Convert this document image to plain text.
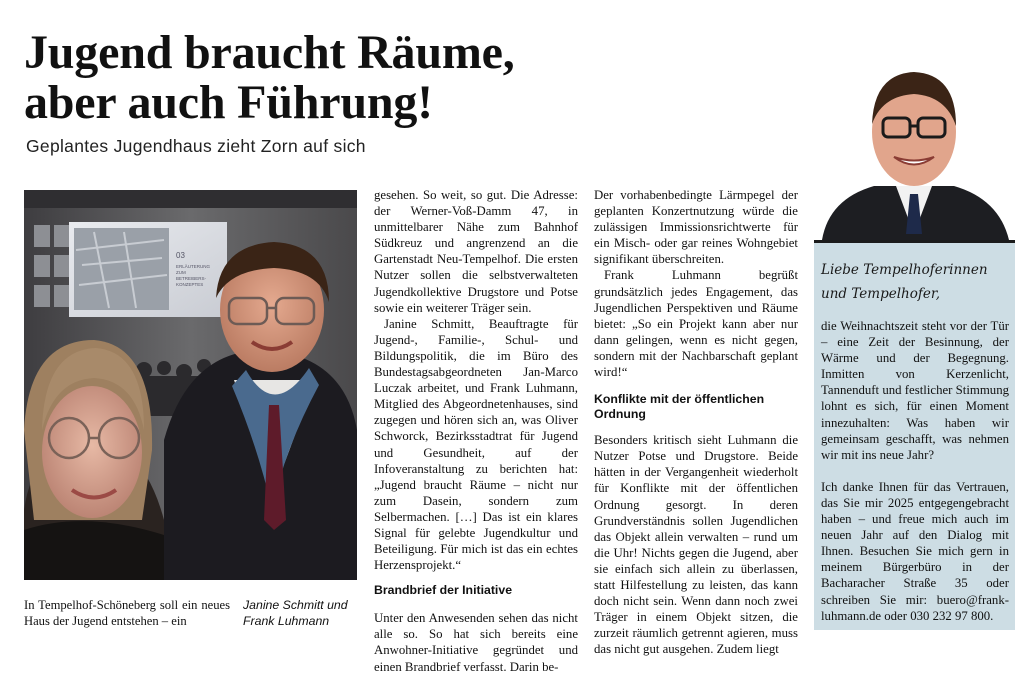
Jugend braucht Räume,
aber auch Führung!
Geplantes Jugendhaus zieht Zorn auf sich
03
ERLÄUTERUNG
ZUM
BETREIBERS-
KONZEPTES
In Tempelhof-Schöneberg soll ein neues Haus der Jugend entstehen – ein
Janine Schmitt und Frank Luhmann

gesehen. So weit, so gut. Die Adresse: der Werner-Voß-Damm 47, in unmittelbarer Nähe zum Bahnhof Südkreuz und angrenzend an die Gartenstadt Neu-Tempelhof. Die ersten Nutzer sollen die selbstverwalteten Jugendkollektive Drugstore und Potse sowie ein weiterer Träger sein.

Janine Schmitt, Beauftragte für Jugend-, Familie-, Schul- und Bildungspolitik, die im Büro des Bundestagsabgeordneten Jan-Marco Luczak arbeitet, und Frank Luhmann, Mitglied des Abgeordnetenhauses, sind zugegen und hören sich an, was Oliver Schworck, Bezirksstadtrat für Jugend und Gesundheit, auf der Infoveranstaltung zu berichten hat: „Jugend braucht Räume – nicht nur zum Dasein, sondern zum Selbermachen. […] Das ist ein klares Signal für gelebte Jugendkultur und Beteiligung. Für mich ist das ein echtes Herzensprojekt.“

Brandbrief der Initiative

Unter den Anwesenden sehen das nicht alle so. So hat sich bereits eine Anwohner-Initiative gegründet und einen Brandbrief verfasst. Darin be-

Der vorhabenbedingte Lärmpegel der geplanten Konzertnutzung würde die zulässigen Immissionsrichtwerte für ein Misch- oder gar reines Wohngebiet signifikant überschreiten.

Frank Luhmann begrüßt grundsätzlich jedes Engagement, das Jugendlichen Perspektiven und Räume bietet: „So ein Projekt kann aber nur dann gelingen, wenn es nicht gegen, sondern mit der Nachbarschaft geplant wird!“

Konflikte mit der öffentlichen Ordnung

Besonders kritisch sieht Luhmann die Nutzer Potse und Drugstore. Beide hätten in der Vergangenheit wiederholt für Konflikte mit der öffentlichen Ordnung gesorgt. In deren Grundverständnis sollen Jugendlichen das Objekt allein verwalten – rund um die Uhr! Nichts gegen die Jugend, aber sie einfach sich allein zu überlassen, statt Hilfestellung zu leisten, das kann doch nicht sein. Wenn dann noch zwei Träger in einem Objekt sitzen, die zurzeit räumlich getrennt agieren, muss das nicht gut ausgehen. Zudem liegt

Liebe Tempelhoferinnen
und Tempelhofer,

die Weihnachtszeit steht vor der Tür – eine Zeit der Besinnung, der Wärme und der Begegnung. Inmitten von Kerzenlicht, Tannenduft und festlicher Stimmung lohnt es sich, für einen Moment innezuhalten: Was haben wir gemeinsam geschafft, was nehmen wir mit ins neue Jahr?

Ich danke Ihnen für das Vertrauen, das Sie mir 2025 entgegengebracht haben – und freue mich auch im neuen Jahr auf den Dialog mit Ihnen. Besuchen Sie mich gern in meinem Bürgerbüro in der Bacharacher Straße 35 oder schreiben Sie mir: buero@frank-luhmann.de oder 030 232 97 800.
